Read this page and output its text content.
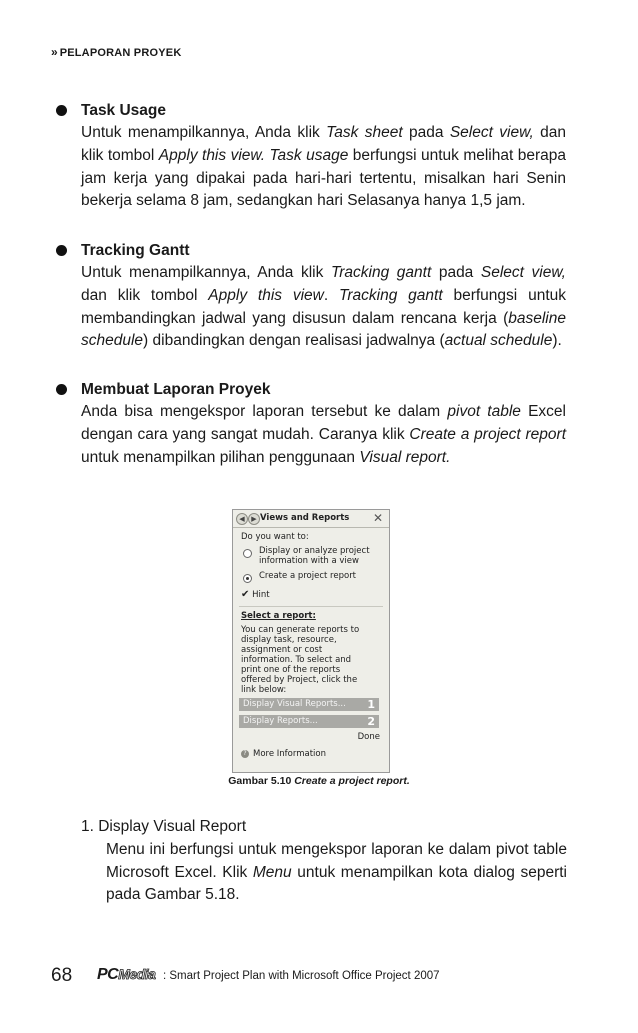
» PELAPORAN PROYEK
Task Usage
Untuk menampilkannya, Anda klik Task sheet pada Select view, dan klik tombol Apply this view. Task usage berfungsi untuk melihat berapa jam kerja yang dipakai pada hari-hari tertentu, misalkan hari Senin bekerja selama 8 jam, sedangkan hari Selasanya hanya 1,5 jam.
Tracking Gantt
Untuk menampilkannya, Anda klik Tracking gantt pada Select view, dan klik tombol Apply this view. Tracking gantt berfungsi untuk membandingkan jadwal yang disusun dalam rencana kerja (baseline schedule) dibandingkan dengan realisasi jadwalnya (actual schedule).
Membuat Laporan Proyek
Anda bisa mengekspor laporan tersebut ke dalam pivot table Excel dengan cara yang sangat mudah. Caranya klik Create a project report untuk menampilkan pilihan penggunaan Visual report.
◀ ▶ Views and Reports ✕
Do you want to:
Display or analyze project
information with a view
Create a project report
✔ Hint
Select a report:
You can generate reports to
display task, resource,
assignment or cost
information. To select and
print one of the reports
offered by Project, click the
link below:
Display Visual Reports... 1
Display Reports...	2
Done
? More Information
Gambar 5.10 Create a project report.
1. Display Visual Report
Menu ini berfungsi untuk mengekspor laporan ke dalam pivot table Microsoft Excel. Klik Menu untuk menampilkan kota dialog seperti pada Gambar 5.18.
68 PCMedia : Smart Project Plan with Microsoft Office Project 2007
